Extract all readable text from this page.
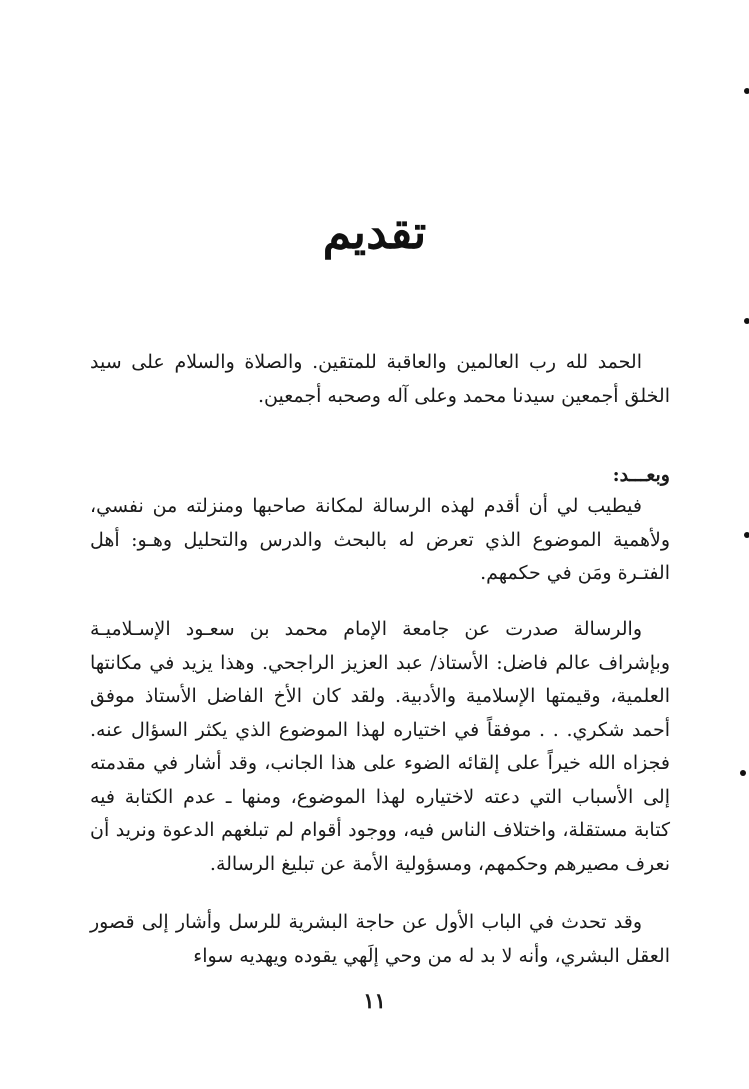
تقديم

الحمد لله رب العالمين والعاقبة للمتقين. والصلاة والسلام على سيد الخلق أجمعين سيدنا محمد وعلى آله وصحبه أجمعين.

وبعـــد:

فيطيب لي أن أقدم لهذه الرسالة لمكانة صاحبها ومنزلته من نفسي، ولأهمية الموضوع الذي تعرض له بالبحث والدرس والتحليل وهـو: أهل الفتـرة ومَن في حكمهم.

والرسالة صدرت عن جامعة الإمام محمد بن سعـود الإسـلاميـة وبإشراف عالم فاضل: الأستاذ/ عبد العزيز الراجحي. وهذا يزيد في مكانتها العلمية، وقيمتها الإسلامية والأدبية. ولقد كان الأخ الفاضل الأستاذ موفق أحمد شكري. . . موفقاً في اختياره لهذا الموضوع الذي يكثر السؤال عنه. فجزاه الله خيراً على إلقائه الضوء على هذا الجانب، وقد أشار في مقدمته إلى الأسباب التي دعته لاختياره لهذا الموضوع، ومنها ـ عدم الكتابة فيه كتابة مستقلة، واختلاف الناس فيه، ووجود أقوام لم تبلغهم الدعوة ونريد أن نعرف مصيرهم وحكمهم، ومسؤولية الأمة عن تبليغ الرسالة.

وقد تحدث في الباب الأول عن حاجة البشرية للرسل وأشار إلى قصور العقل البشري، وأنه لا بد له من وحي إلَهي يقوده ويهديه سواء

١١
